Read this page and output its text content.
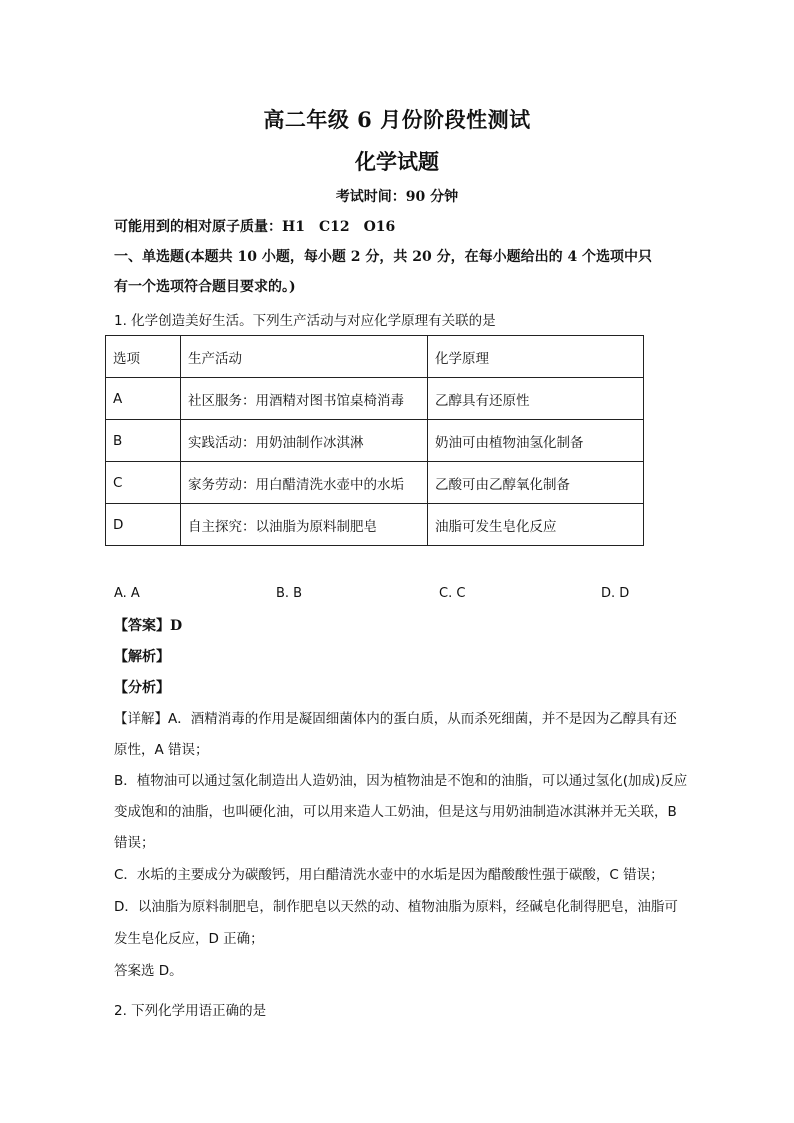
高二年级 6 月份阶段性测试
化学试题
考试时间：90 分钟
可能用到的相对原子质量：H1　C12　O16
一、单选题(本题共 10 小题，每小题 2 分，共 20 分，在每小题给出的 4 个选项中只
有一个选项符合题目要求的。)
1. 化学创造美好生活。下列生产活动与对应化学原理有关联的是
选项	生产活动	化学原理
A	社区服务：用酒精对图书馆桌椅消毒	乙醇具有还原性
B	实践活动：用奶油制作冰淇淋	奶油可由植物油氢化制备
C	家务劳动：用白醋清洗水壶中的水垢	乙酸可由乙醇氧化制备
D	自主探究：以油脂为原料制肥皂	油脂可发生皂化反应
A. A	B. B	C. C	D. D
【答案】D
【解析】
【分析】
【详解】A．酒精消毒的作用是凝固细菌体内的蛋白质，从而杀死细菌，并不是因为乙醇具有还
原性，A 错误；
B．植物油可以通过氢化制造出人造奶油，因为植物油是不饱和的油脂，可以通过氢化(加成)反应
变成饱和的油脂，也叫硬化油，可以用来造人工奶油，但是这与用奶油制造冰淇淋并无关联，B
错误；
C．水垢的主要成分为碳酸钙，用白醋清洗水壶中的水垢是因为醋酸酸性强于碳酸，C 错误；
D．以油脂为原料制肥皂，制作肥皂以天然的动、植物油脂为原料，经碱皂化制得肥皂，油脂可
发生皂化反应，D 正确；
答案选 D。
2. 下列化学用语正确的是
